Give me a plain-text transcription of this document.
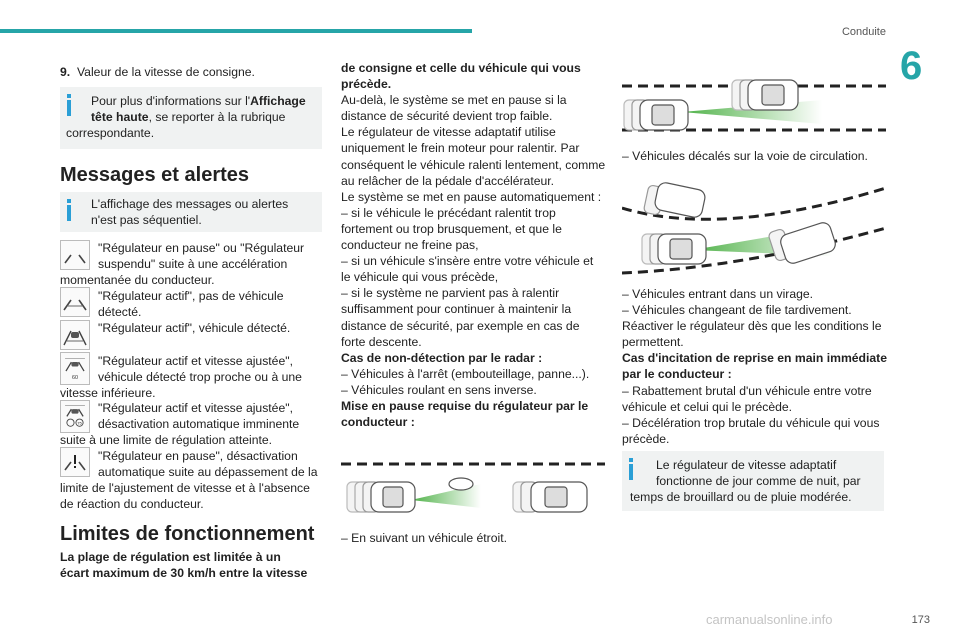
Conduite
6
173
carmanualsonline.info
9. Valeur de la vitesse de consigne.
Pour plus d'informations sur l'Affichage
tête haute, se reporter à la rubrique
correspondante.
Messages et alertes
L'affichage des messages ou alertes
n'est pas séquentiel.
60
75

"Régulateur en pause" ou "Régulateur

suspendu" suite à une accélération

momentanée du conducteur.

"Régulateur actif", pas de véhicule

détecté.

"Régulateur actif", véhicule détecté.

"Régulateur actif et vitesse ajustée",

véhicule détecté trop proche ou à une

vitesse inférieure.

"Régulateur actif et vitesse ajustée",

désactivation automatique imminente

suite à une limite de régulation atteinte.

"Régulateur en pause", désactivation

automatique suite au dépassement de la

limite de l'ajustement de vitesse et à l'absence

de réaction du conducteur.

Limites de fonctionnement

La plage de régulation est limitée à un

écart maximum de 30 km/h entre la vitesse

de consigne et celle du véhicule qui vous

précède.

Au-delà, le système se met en pause si la

distance de sécurité devient trop faible.

Le régulateur de vitesse adaptatif utilise

uniquement le frein moteur pour ralentir. Par

conséquent le véhicule ralenti lentement, comme

au relâcher de la pédale d'accélérateur.

Le système se met en pause automatiquement :

– si le véhicule le précédant ralentit trop

fortement ou trop brusquement, et que le

conducteur ne freine pas,

– si un véhicule s'insère entre votre véhicule et

le véhicule qui vous précède,

– si le système ne parvient pas à ralentir

suffisamment pour continuer à maintenir la

distance de sécurité, par exemple en cas de

forte descente.

Cas de non-détection par le radar :

– Véhicules à l'arrêt (embouteillage, panne...).

– Véhicules roulant en sens inverse.

Mise en pause requise du régulateur par le

conducteur :

– En suivant un véhicule étroit.
– Véhicules décalés sur la voie de circulation.

– Véhicules entrant dans un virage.

– Véhicules changeant de file tardivement.

Réactiver le régulateur dès que les conditions le

permettent.

Cas d'incitation de reprise en main immédiate

par le conducteur :

– Rabattement brutal d'un véhicule entre votre

véhicule et celui qui le précède.

– Décélération trop brutale du véhicule qui vous

précède.

Le régulateur de vitesse adaptatif

fonctionne de jour comme de nuit, par

temps de brouillard ou de pluie modérée.
